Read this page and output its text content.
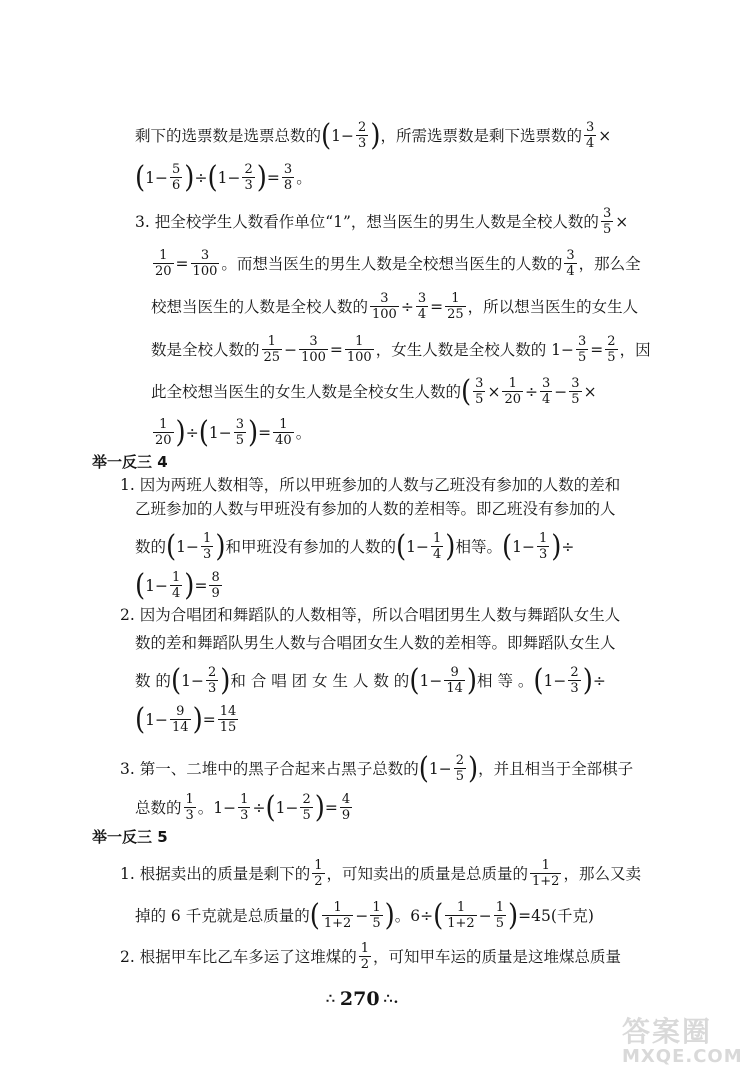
剩下的选票数是选票总数的 ( $1- \frac{2}{3}$ ) ，所需选票数是剩下选票数的 $\frac{3}{4}$ ×
( $1- \frac{5}{6}$ ) ÷ ( $1- \frac{2}{3}$ ) = $\frac{3}{8}$ 。
3. 把全校学生人数看作单位“1”，想当医生的男生人数是全校人数的 $\frac{3}{5}$ ×
$\frac{1}{20} = \frac{3}{100}$ 。而想当医生的男生人数是全校想当医生的人数的 $\frac{3}{4}$ ，那么全
校想当医生的人数是全校人数的 $\frac{3}{100} \div \frac{3}{4} = \frac{1}{25}$ ，所以想当医生的女生人
数是全校人数的 $\frac{1}{25} - \frac{3}{100} = \frac{1}{100}$ ，女生人数是全校人数的 $1- \frac{3}{5} = \frac{2}{5}$ ，因
此全校想当医生的女生人数是全校女生人数的 ( $\frac{3}{5} \times \frac{1}{20} \div \frac{3}{4} - \frac{3}{5}$ ×
$\frac{1}{20}$ ) ÷ ( $1- \frac{3}{5}$ ) = $\frac{1}{40}$ 。
1. 因为两班人数相等，所以甲班参加的人数与乙班没有参加的人数的差和
乙班参加的人数与甲班没有参加的人数的差相等。即乙班没有参加的人
数的 ( $1- \frac{1}{3}$ ) 和甲班没有参加的人数的 ( $1- \frac{1}{4}$ ) 相等。 ( $1- \frac{1}{3}$ ) ÷
( $1- \frac{1}{4}$ ) = $\frac{8}{9}$
2. 因为合唱团和舞蹈队的人数相等，所以合唱团男生人数与舞蹈队女生人
数的差和舞蹈队男生人数与合唱团女生人数的差相等。即舞蹈队女生人
数 的 ( $1- \frac{2}{3}$ ) 和 合 唱 团 女 生 人 数 的 ( $1- \frac{9}{14}$ ) 相 等 。 ( $1- \frac{2}{3}$ ) ÷
( $1- \frac{9}{14}$ ) = $\frac{14}{15}$
3. 第一、二堆中的黑子合起来占黑子总数的 ( $1- \frac{2}{5}$ ) ，并且相当于全部棋子
总数的 $\frac{1}{3}$ 。$1- \frac{1}{3}$ ÷ ( $1- \frac{2}{5}$ ) = $\frac{4}{9}$
1. 根据卖出的质量是剩下的 $\frac{1}{2}$ ，可知卖出的质量是总质量的 $\frac{1}{1+2}$ ，那么又卖
掉的 6 千克就是总质量的 ( $\frac{1}{1+2} - \frac{1}{5}$ ) 。6÷ ( $\frac{1}{1+2} - \frac{1}{5}$ ) =45(千克)
2. 根据甲车比乙车多运了这堆煤的 $\frac{1}{2}$ ，可知甲车运的质量是这堆煤总质量
举一反三 4
举一反三 5
∴ 270 ∴.
答案圈
MXQE.COM
